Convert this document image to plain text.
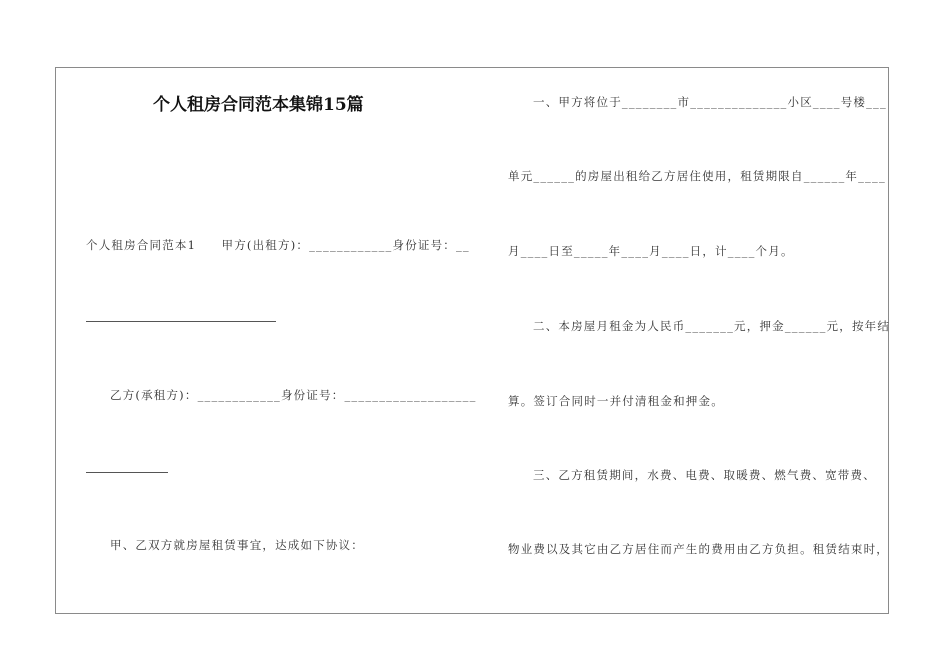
个人租房合同范本集锦15篇
个人租房合同范本1　　甲方(出租方)：____________身份证号：__
乙方(承租方)：____________身份证号：___________________
甲、乙双方就房屋租赁事宜，达成如下协议：
一、甲方将位于________市______________小区____号楼___
单元______的房屋出租给乙方居住使用，租赁期限自______年____
月____日至_____年____月____日，计____个月。
二、本房屋月租金为人民币_______元，押金______元，按年结
算。签订合同时一并付清租金和押金。
三、乙方租赁期间，水费、电费、取暖费、燃气费、宽带费、
物业费以及其它由乙方居住而产生的费用由乙方负担。租赁结束时，
